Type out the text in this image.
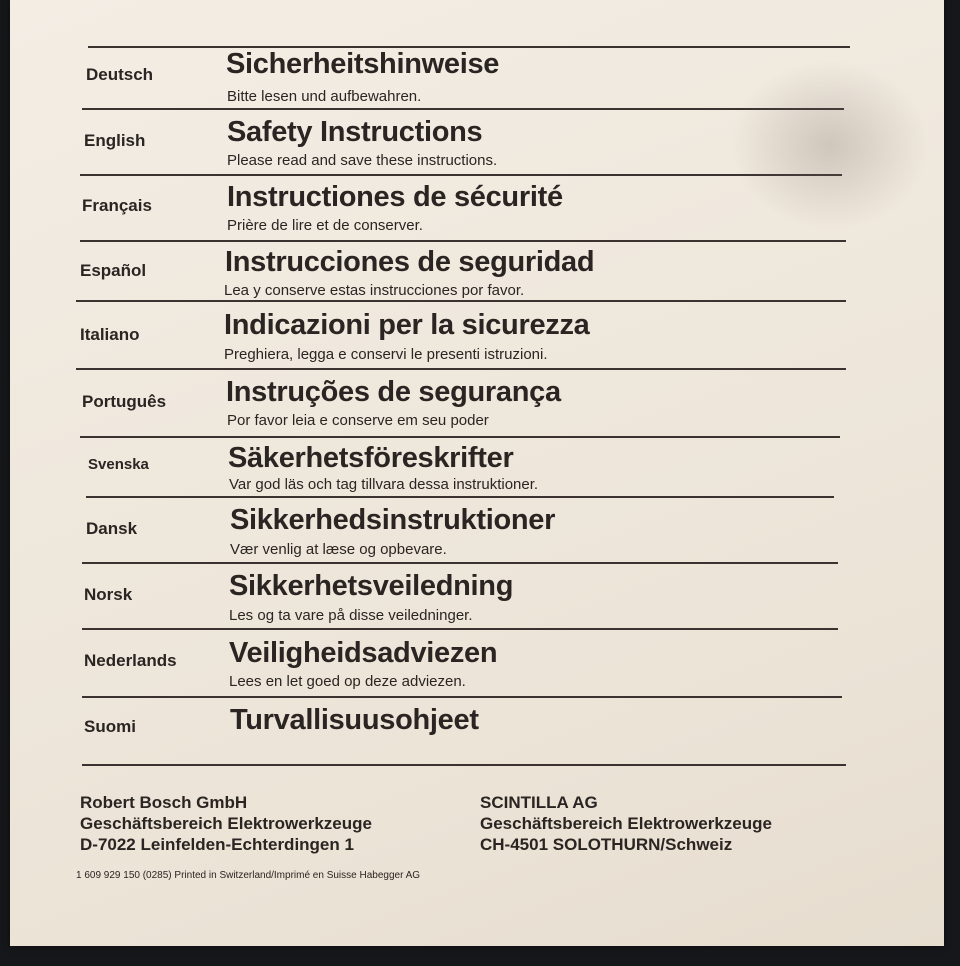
Deutsch	Sicherheitshinweise
Bitte lesen und aufbewahren.
English	Safety Instructions
Please read and save these instructions.
Français	Instructiones de sécurité
Prière de lire et de conserver.
Español	Instrucciones de seguridad
Lea y conserve estas instrucciones por favor.
Italiano	Indicazioni per la sicurezza
Preghiera, legga e conservi le presenti istruzioni.
Português Instruções de segurança
Por favor leia e conserve em seu poder
Svenska	Säkerhetsföreskrifter
Var god läs och tag tillvara dessa instruktioner.
Dansk	Sikkerhedsinstruktioner
Vær venlig at læse og opbevare.
Norsk	Sikkerhetsveiledning
Les og ta vare på disse veiledninger.
Nederlands Veiligheidsadviezen
Lees en let goed op deze adviezen.
Suomi	Turvallisuusohjeet
Robert Bosch GmbH
Geschäftsbereich Elektrowerkzeuge
D-7022 Leinfelden-Echterdingen 1
SCINTILLA AG
Geschäftsbereich Elektrowerkzeuge
CH-4501 SOLOTHURN/Schweiz
1 609 929 150 (0285) Printed in Switzerland/Imprimé en Suisse Habegger AG
